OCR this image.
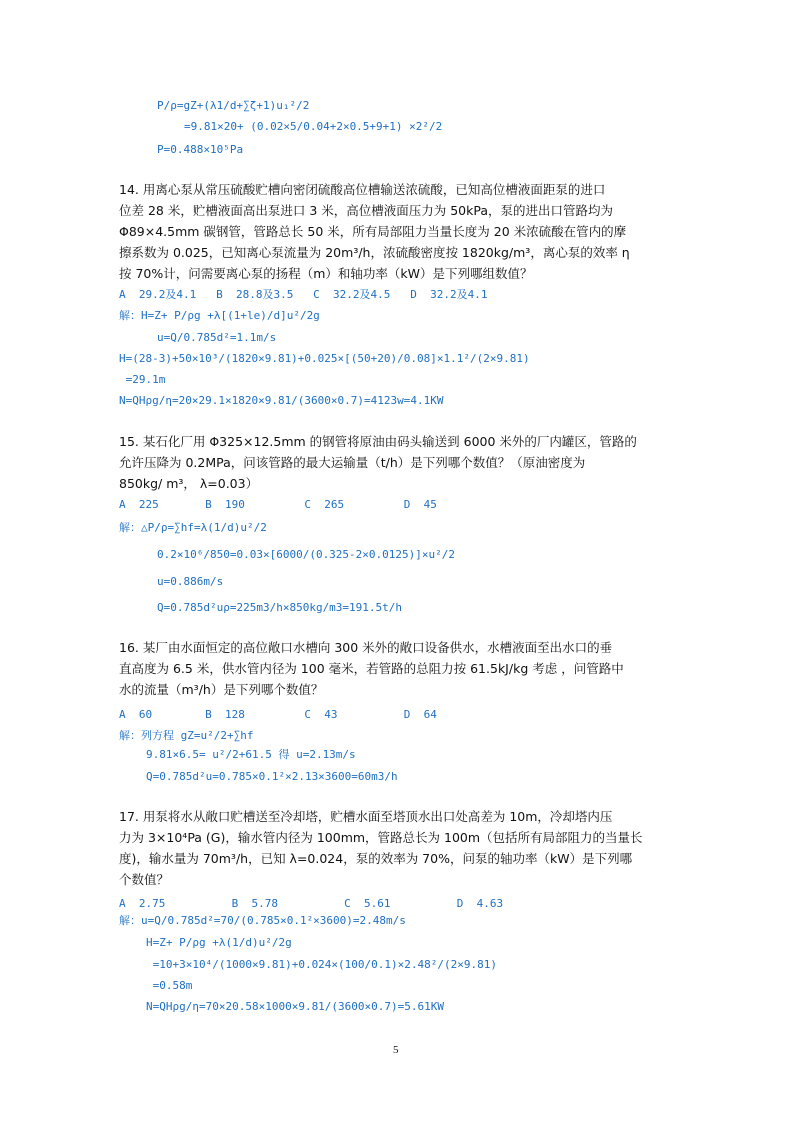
P/ρ=gZ+(λ1/d+∑ζ+1)u₁²/2
=9.81×20+ (0.02×5/0.04+2×0.5+9+1) ×2²/2
P=0.488×10⁵Pa
14. 用离心泵从常压硫酸贮槽向密闭硫酸高位槽输送浓硫酸，已知高位槽液面距泵的进口
位差 28 米，贮槽液面高出泵进口 3 米，高位槽液面压力为 50kPa，泵的进出口管路均为
Φ89×4.5mm 碳钢管，管路总长 50 米，所有局部阻力当量长度为 20 米浓硫酸在管内的摩
擦系数为 0.025，已知离心泵流量为 20m³/h，浓硫酸密度按 1820kg/m³，离心泵的效率 η
按 70%计，问需要离心泵的扬程（m）和轴功率（kW）是下列哪组数值？
A  29.2及4.1   B  28.8及3.5   C  32.2及4.5   D  32.2及4.1
解：H=Z+ P/ρg +λ[(1+le)/d]u²/2g
u=Q/0.785d²=1.1m/s
H=(28-3)+50×10³/(1820×9.81)+0.025×[(50+20)/0.08]×1.1²/(2×9.81)
=29.1m
N=QHρg/η=20×29.1×1820×9.81/(3600×0.7)=4123w=4.1KW
15. 某石化厂用 Φ325×12.5mm 的钢管将原油由码头输送到 6000 米外的厂内罐区，管路的
允许压降为 0.2MPa，问该管路的最大运输量（t/h）是下列哪个数值？（原油密度为
850kg/ m³， λ=0.03）
A  225       B  190         C  265         D  45
解：△P/ρ=∑hf=λ(1/d)u²/2
0.2×10⁶/850=0.03×[6000/(0.325-2×0.0125)]×u²/2
u=0.886m/s
Q=0.785d²uρ=225m3/h×850kg/m3=191.5t/h
16. 某厂由水面恒定的高位敞口水槽向 300 米外的敞口设备供水，水槽液面至出水口的垂
直高度为 6.5 米，供水管内径为 100 毫米，若管路的总阻力按 61.5kJ/kg 考虑 ，问管路中
水的流量（m³/h）是下列哪个数值？
A  60        B  128         C  43          D  64
解：列方程 gZ=u²/2+∑hf
9.81×6.5= u²/2+61.5 得 u=2.13m/s
Q=0.785d²u=0.785×0.1²×2.13×3600=60m3/h
17. 用泵将水从敞口贮槽送至冷却塔，贮槽水面至塔顶水出口处高差为 10m，冷却塔内压
力为 3×10⁴Pa (G)，输水管内径为 100mm，管路总长为 100m（包括所有局部阻力的当量长
度)，输水量为 70m³/h，已知 λ=0.024，泵的效率为 70%，问泵的轴功率（kW）是下列哪
个数值？
A  2.75          B  5.78          C  5.61          D  4.63
解：u=Q/0.785d²=70/(0.785×0.1²×3600)=2.48m/s
H=Z+ P/ρg +λ(1/d)u²/2g
=10+3×10⁴/(1000×9.81)+0.024×(100/0.1)×2.48²/(2×9.81)
=0.58m
N=QHρg/η=70×20.58×1000×9.81/(3600×0.7)=5.61KW
5
